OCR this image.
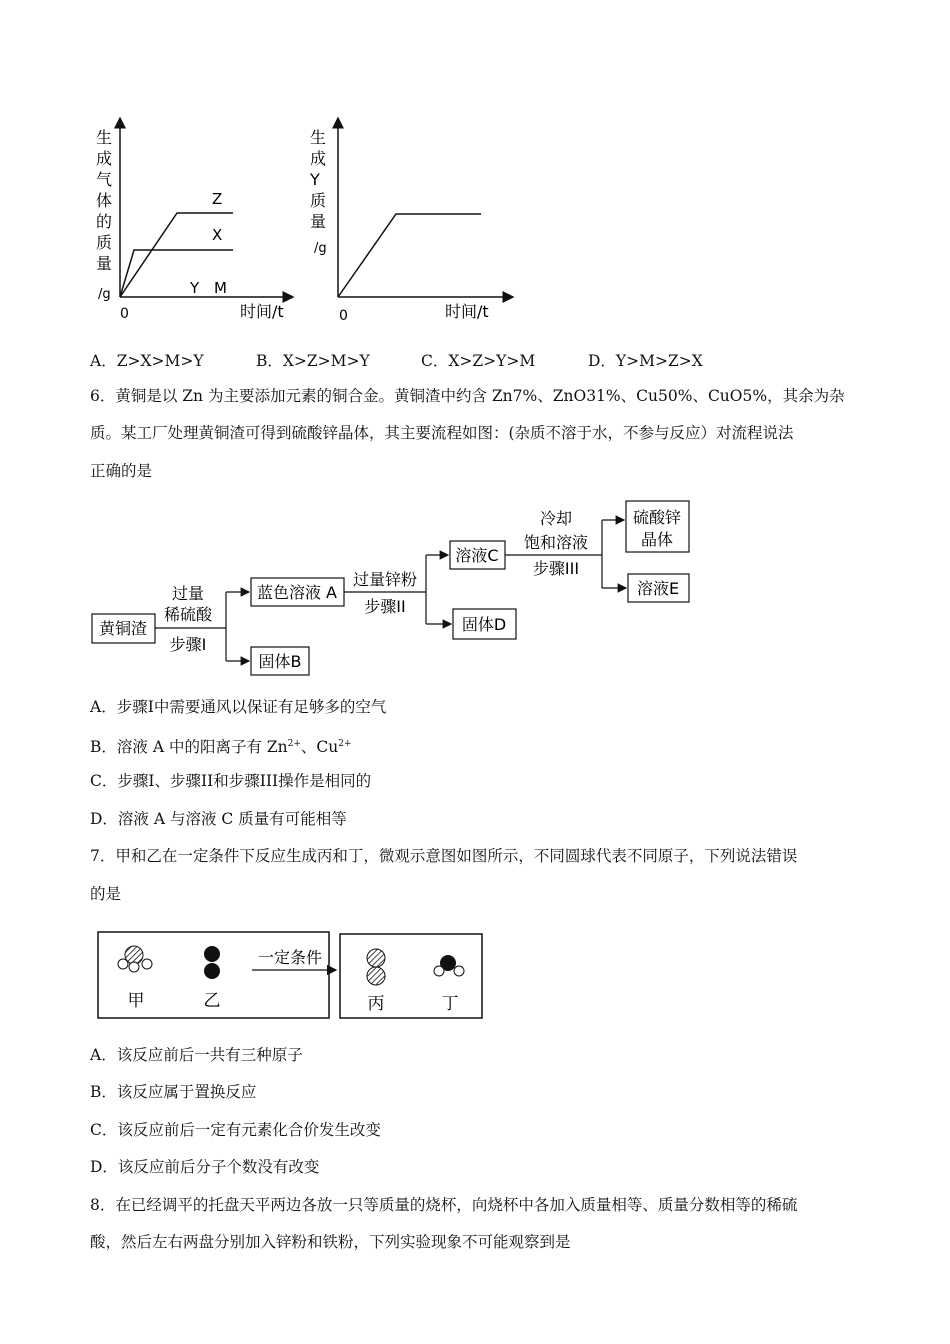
生
成
气
体
的
质
量
/g
0	时间/t
Z
X
Y M
生
成
Y
质
量
/g
0	时间/t
A．Z>X>M>Y	B．X>Z>M>Y	C．X>Z>Y>M	D．Y>M>Z>X
6．黄铜是以 Zn 为主要添加元素的铜合金。黄铜渣中约含 Zn7%、ZnO31%、Cu50%、CuO5%，其余为杂
质。某工厂处理黄铜渣可得到硫酸锌晶体，其主要流程如图：(杂质不溶于水，不参与反应）对流程说法
正确的是
黄铜渣
蓝色溶液 A
固体B
溶液C
固体D
硫酸锌
晶体
溶液E
过量
稀硫酸
步骤I
过量锌粉
步骤II
冷却
饱和溶液
步骤III
A．步骤I中需要通风以保证有足够多的空气
B．溶液 A 中的阳离子有 $Zn^{2+}$、$Cu^{2+}$
C．步骤I、步骤II和步骤III操作是相同的
D．溶液 A 与溶液 C 质量有可能相等
7．甲和乙在一定条件下反应生成丙和丁，微观示意图如图所示，不同圆球代表不同原子，下列说法错误
的是
甲	乙
一定条件
丙	丁
A．该反应前后一共有三种原子
B．该反应属于置换反应
C．该反应前后一定有元素化合价发生改变
D．该反应前后分子个数没有改变
8．在已经调平的托盘天平两边各放一只等质量的烧杯，向烧杯中各加入质量相等、质量分数相等的稀硫
酸，然后左右两盘分别加入锌粉和铁粉，下列实验现象不可能观察到是
